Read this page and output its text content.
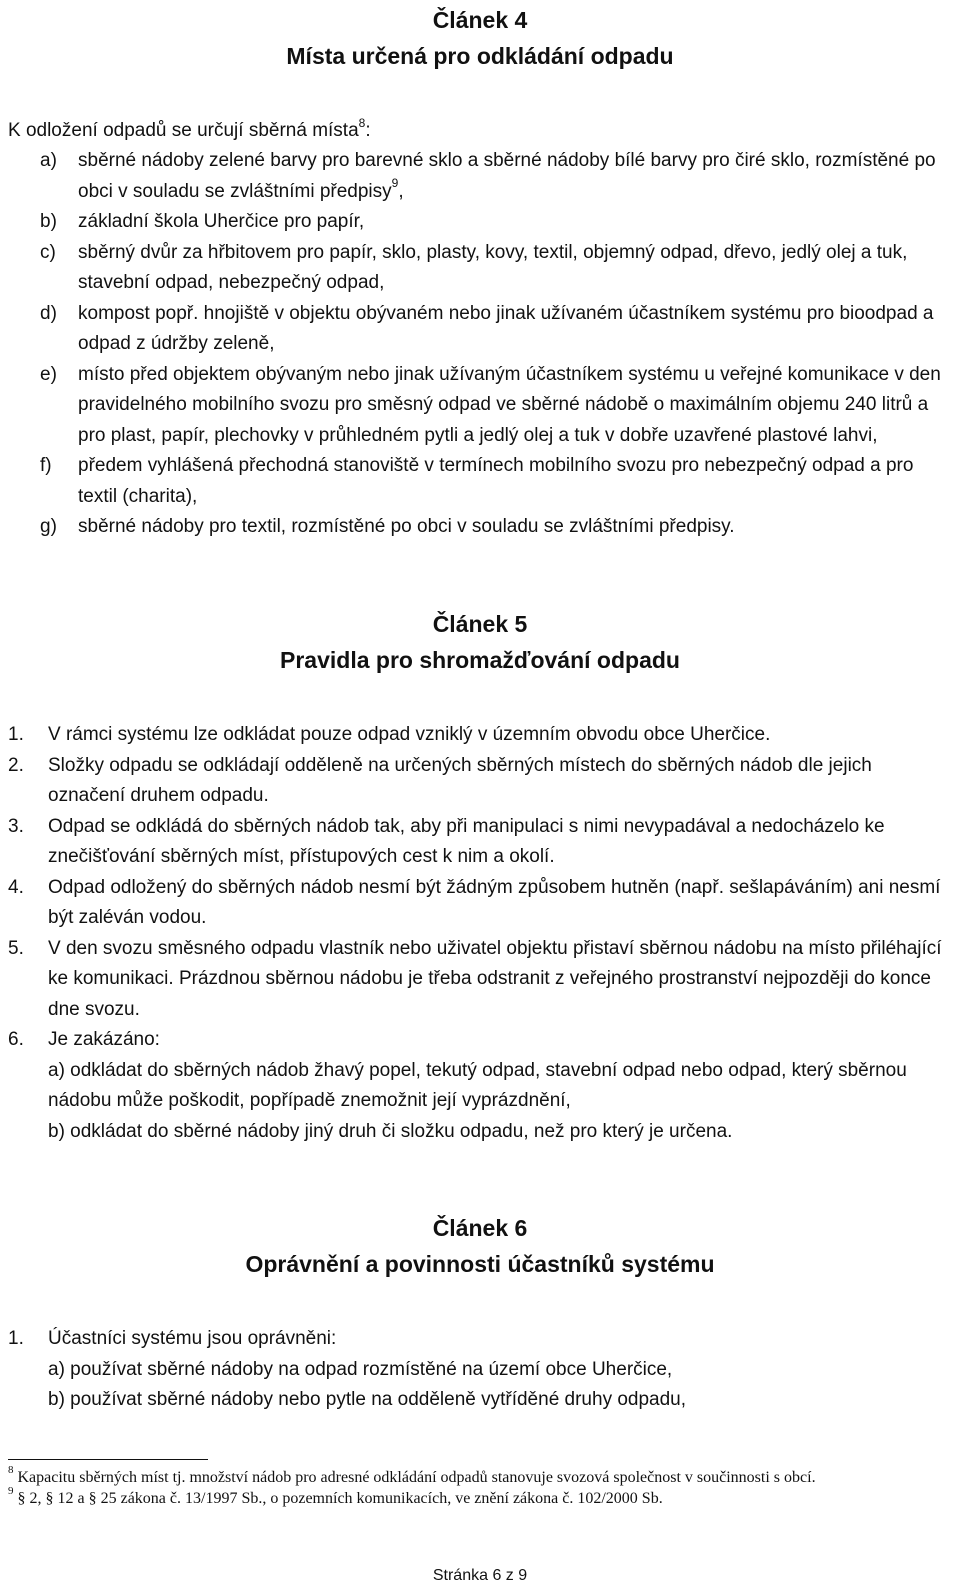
Článek 4
Místa určená pro odkládání odpadu
K odložení odpadů se určují sběrná místa$^8$:
a) sběrné nádoby zelené barvy pro barevné sklo a sběrné nádoby bílé barvy pro čiré sklo, rozmístěné po obci v souladu se zvláštními předpisy$^9$,
b) základní škola Uherčice pro papír,
c) sběrný dvůr za hřbitovem pro papír, sklo, plasty, kovy, textil, objemný odpad, dřevo, jedlý olej a tuk, stavební odpad, nebezpečný odpad,
d) kompost popř. hnojiště v objektu obývaném nebo jinak užívaném účastníkem systému pro bioodpad a odpad z údržby zeleně,
e) místo před objektem obývaným nebo jinak užívaným účastníkem systému u veřejné komunikace v den pravidelného mobilního svozu pro směsný odpad ve sběrné nádobě o maximálním objemu 240 litrů a pro plast, papír, plechovky v průhledném pytli a jedlý olej a tuk v dobře uzavřené plastové lahvi,
f) předem vyhlášená přechodná stanoviště v termínech mobilního svozu pro nebezpečný odpad a pro textil (charita),
g) sběrné nádoby pro textil, rozmístěné po obci v souladu se zvláštními předpisy.
Článek 5
Pravidla pro shromažďování odpadu
1. V rámci systému lze odkládat pouze odpad vzniklý v územním obvodu obce Uherčice.
2. Složky odpadu se odkládají odděleně na určených sběrných místech do sběrných nádob dle jejich označení druhem odpadu.
3. Odpad se odkládá do sběrných nádob tak, aby při manipulaci s nimi nevypadával a nedocházelo ke znečišťování sběrných míst, přístupových cest k nim a okolí.
4. Odpad odložený do sběrných nádob nesmí být žádným způsobem hutněn (např. sešlapáváním) ani nesmí být zaléván vodou.
5. V den svozu směsného odpadu vlastník nebo uživatel objektu přistaví sběrnou nádobu na místo přiléhající ke komunikaci. Prázdnou sběrnou nádobu je třeba odstranit z veřejného prostranství nejpozději do konce dne svozu.
6. Je zakázáno:
a) odkládat do sběrných nádob žhavý popel, tekutý odpad, stavební odpad nebo odpad, který sběrnou nádobu může poškodit, popřípadě znemožnit její vyprázdnění,
b) odkládat do sběrné nádoby jiný druh či složku odpadu, než pro který je určena.
Článek 6
Oprávnění a povinnosti účastníků systému
1. Účastníci systému jsou oprávněni:
a) používat sběrné nádoby na odpad rozmístěné na území obce Uherčice,
b) používat sběrné nádoby nebo pytle na odděleně vytříděné druhy odpadu,
$^8$ Kapacitu sběrných míst tj. množství nádob pro adresné odkládání odpadů stanovuje svozová společnost v součinnosti s obcí.
$^9$ § 2, § 12 a § 25 zákona č. 13/1997 Sb., o pozemních komunikacích, ve znění zákona č. 102/2000 Sb.
Stránka 6 z 9
